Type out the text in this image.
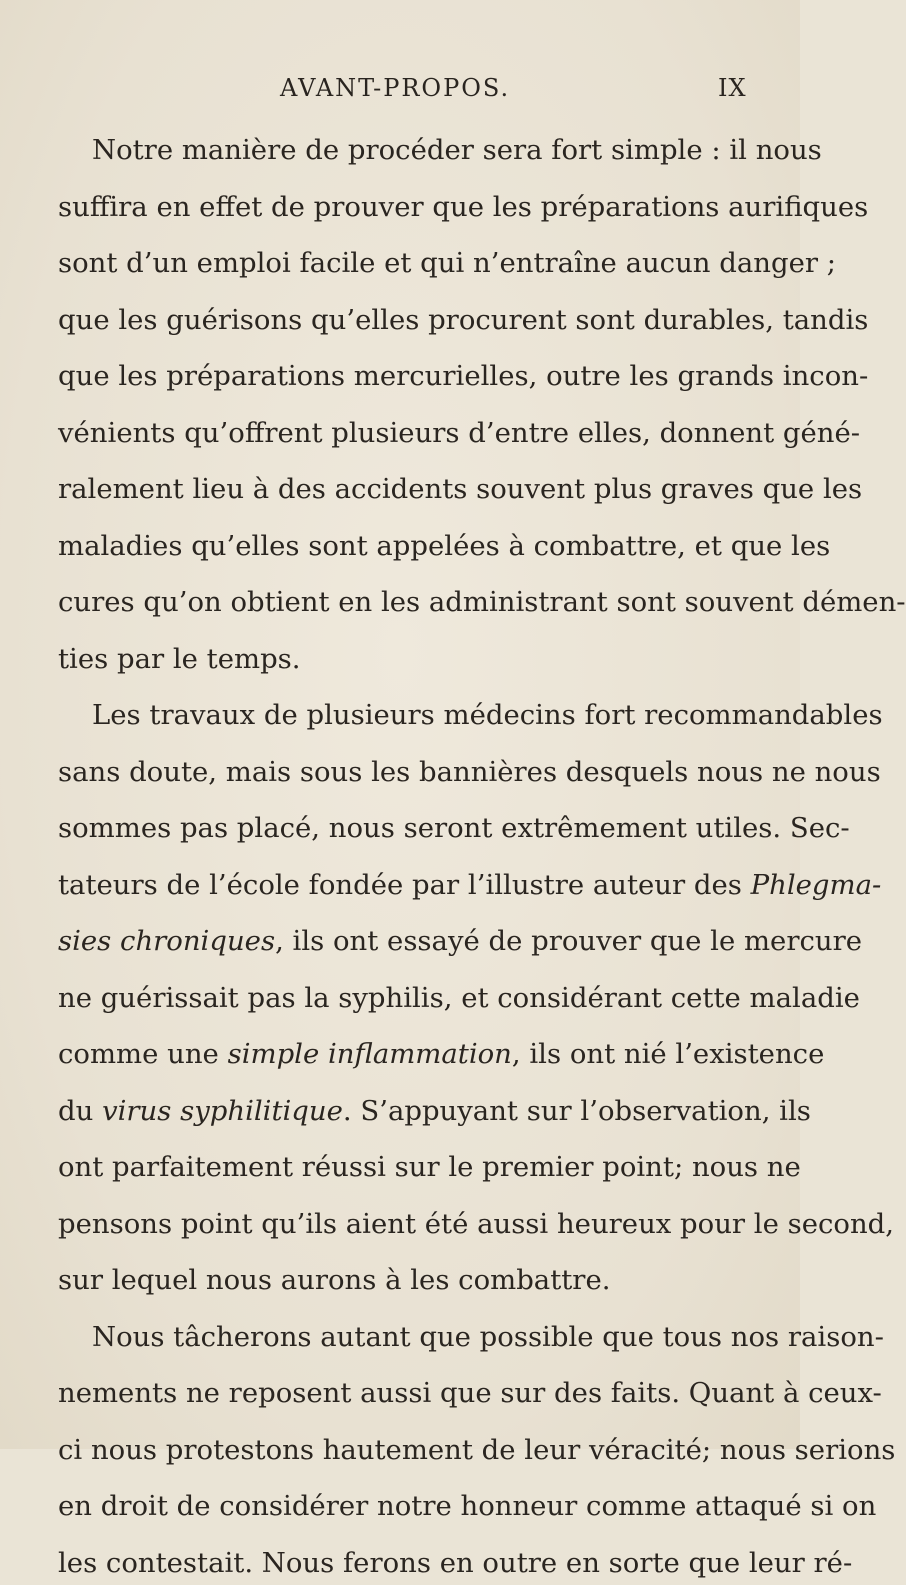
AVANT-PROPOS.	IX
Notre manière de procéder sera fort simple : il nous
suffira en effet de prouver que les préparations aurifiques
sont d’un emploi facile et qui n’entraîne aucun danger ;
que les guérisons qu’elles procurent sont durables, tandis
que les préparations mercurielles, outre les grands incon-
vénients qu’offrent plusieurs d’entre elles, donnent géné-
ralement lieu à des accidents souvent plus graves que les
maladies qu’elles sont appelées à combattre, et que les
cures qu’on obtient en les administrant sont souvent démen-
ties par le temps.
Les travaux de plusieurs médecins fort recommandables
sans doute, mais sous les bannières desquels nous ne nous
sommes pas placé, nous seront extrêmement utiles. Sec-
tateurs de l’école fondée par l’illustre auteur des Phlegma-
sies chroniques, ils ont essayé de prouver que le mercure
ne guérissait pas la syphilis, et considérant cette maladie
comme une simple inflammation, ils ont nié l’existence
du virus syphilitique. S’appuyant sur l’observation, ils
ont parfaitement réussi sur le premier point; nous ne
pensons point qu’ils aient été aussi heureux pour le second,
sur lequel nous aurons à les combattre.
Nous tâcherons autant que possible que tous nos raison-
nements ne reposent aussi que sur des faits. Quant à ceux-
ci nous protestons hautement de leur véracité; nous serions
en droit de considérer notre honneur comme attaqué si on
les contestait. Nous ferons en outre en sorte que leur ré-
